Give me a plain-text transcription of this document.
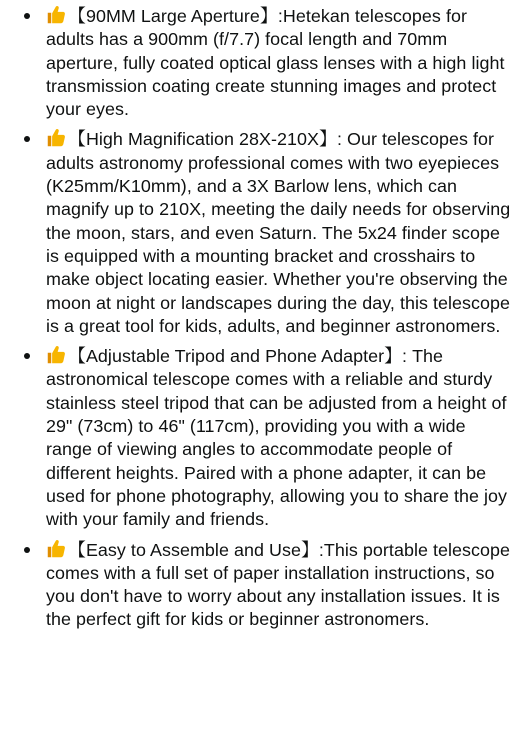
【90MM Large Aperture】:Hetekan telescopes for adults has a 900mm (f/7.7) focal length and 70mm aperture, fully coated optical glass lenses with a high light transmission coating create stunning images and protect your eyes.
【High Magnification 28X-210X】: Our telescopes for adults astronomy professional comes with two eyepieces (K25mm/K10mm), and a 3X Barlow lens, which can magnify up to 210X, meeting the daily needs for observing the moon, stars, and even Saturn. The 5x24 finder scope is equipped with a mounting bracket and crosshairs to make object locating easier. Whether you're observing the moon at night or landscapes during the day, this telescope is a great tool for kids, adults, and beginner astronomers.
【Adjustable Tripod and Phone Adapter】: The astronomical telescope comes with a reliable and sturdy stainless steel tripod that can be adjusted from a height of 29" (73cm) to 46" (117cm), providing you with a wide range of viewing angles to accommodate people of different heights. Paired with a phone adapter, it can be used for phone photography, allowing you to share the joy with your family and friends.
【Easy to Assemble and Use】:This portable telescope comes with a full set of paper installation instructions, so you don't have to worry about any installation issues. It is the perfect gift for kids or beginner astronomers.
